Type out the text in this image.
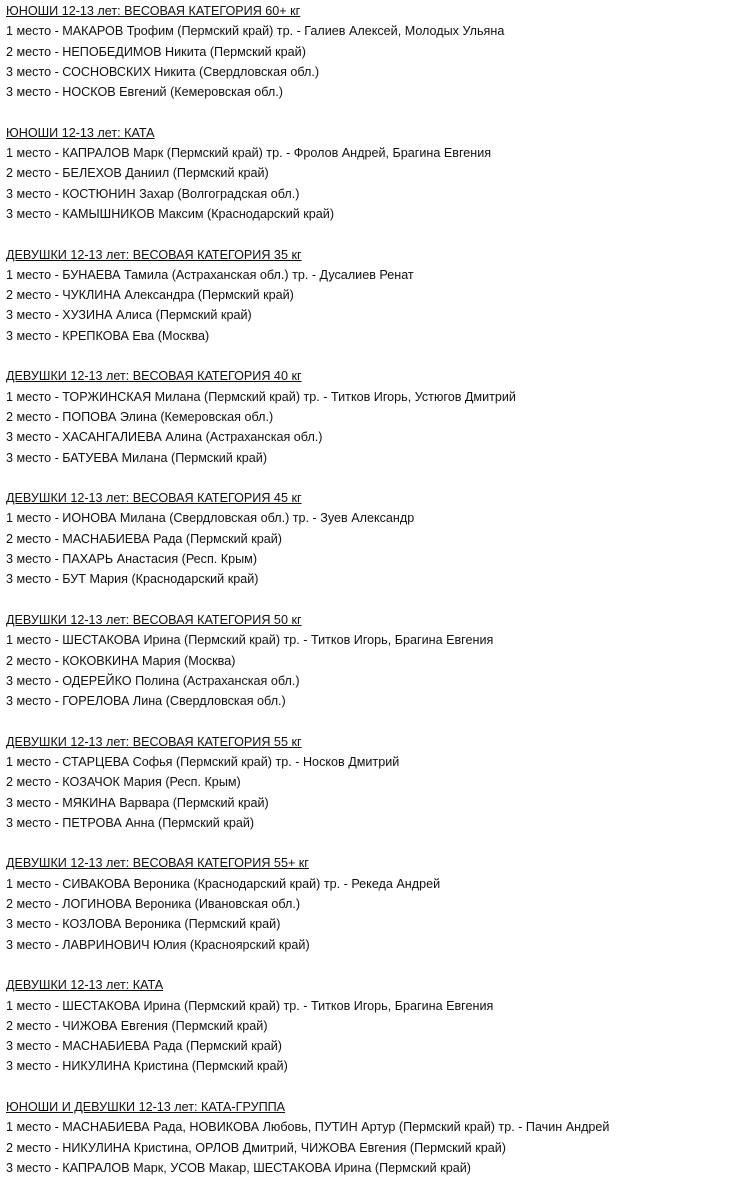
ЮНОШИ 12-13 лет: ВЕСОВАЯ КАТЕГОРИЯ 60+ кг
1 место - МАКАРОВ Трофим (Пермский край) тр. - Галиев Алексей, Молодых Ульяна
2 место - НЕПОБЕДИМОВ Никита (Пермский край)
3 место - СОСНОВСКИХ Никита (Свердловская обл.)
3 место - НОСКОВ Евгений (Кемеровская обл.)
ЮНОШИ 12-13 лет: КАТА
1 место - КАПРАЛОВ Марк (Пермский край) тр. - Фролов Андрей, Брагина Евгения
2 место - БЕЛЕХОВ Даниил (Пермский край)
3 место - КОСТЮНИН Захар (Волгоградская обл.)
3 место - КАМЫШНИКОВ Максим (Краснодарский край)
ДЕВУШКИ 12-13 лет: ВЕСОВАЯ КАТЕГОРИЯ 35 кг
1 место - БУНАЕВА Тамила (Астраханская обл.) тр. - Дусалиев Ренат
2 место - ЧУКЛИНА Александра (Пермский край)
3 место - ХУЗИНА Алиса (Пермский край)
3 место - КРЕПКОВА Ева (Москва)
ДЕВУШКИ 12-13 лет: ВЕСОВАЯ КАТЕГОРИЯ 40 кг
1 место - ТОРЖИНСКАЯ Милана (Пермский край) тр. - Титков Игорь, Устюгов Дмитрий
2 место - ПОПОВА Элина (Кемеровская обл.)
3 место - ХАСАНГАЛИЕВА Алина (Астраханская обл.)
3 место - БАТУЕВА Милана (Пермский край)
ДЕВУШКИ 12-13 лет: ВЕСОВАЯ КАТЕГОРИЯ 45 кг
1 место - ИОНОВА Милана (Свердловская обл.) тр. - Зуев Александр
2 место - МАСНАБИЕВА Рада (Пермский край)
3 место - ПАХАРЬ Анастасия (Респ. Крым)
3 место - БУТ Мария (Краснодарский край)
ДЕВУШКИ 12-13 лет: ВЕСОВАЯ КАТЕГОРИЯ 50 кг
1 место - ШЕСТАКОВА Ирина (Пермский край) тр. - Титков Игорь, Брагина Евгения
2 место - КОКОВКИНА Мария (Москва)
3 место - ОДЕРЕЙКО Полина (Астраханская обл.)
3 место - ГОРЕЛОВА Лина (Свердловская обл.)
ДЕВУШКИ 12-13 лет: ВЕСОВАЯ КАТЕГОРИЯ 55 кг
1 место - СТАРЦЕВА Софья (Пермский край) тр. - Носков Дмитрий
2 место - КОЗАЧОК Мария (Респ. Крым)
3 место - МЯКИНА Варвара (Пермский край)
3 место - ПЕТРОВА Анна (Пермский край)
ДЕВУШКИ 12-13 лет: ВЕСОВАЯ КАТЕГОРИЯ 55+ кг
1 место - СИВАКОВА Вероника (Краснодарский край) тр. - Рекеда Андрей
2 место - ЛОГИНОВА Вероника (Ивановская обл.)
3 место - КОЗЛОВА Вероника (Пермский край)
3 место - ЛАВРИНОВИЧ Юлия (Красноярский край)
ДЕВУШКИ 12-13 лет: КАТА
1 место - ШЕСТАКОВА Ирина (Пермский край) тр. - Титков Игорь, Брагина Евгения
2 место - ЧИЖОВА Евгения (Пермский край)
3 место - МАСНАБИЕВА Рада (Пермский край)
3 место - НИКУЛИНА Кристина (Пермский край)
ЮНОШИ И ДЕВУШКИ 12-13 лет: КАТА-ГРУППА
1 место - МАСНАБИЕВА Рада, НОВИКОВА Любовь, ПУТИН Артур (Пермский край) тр. - Пачин Андрей
2 место - НИКУЛИНА Кристина, ОРЛОВ Дмитрий, ЧИЖОВА Евгения (Пермский край)
3 место - КАПРАЛОВ Марк, УСОВ Макар, ШЕСТАКОВА Ирина (Пермский край)
